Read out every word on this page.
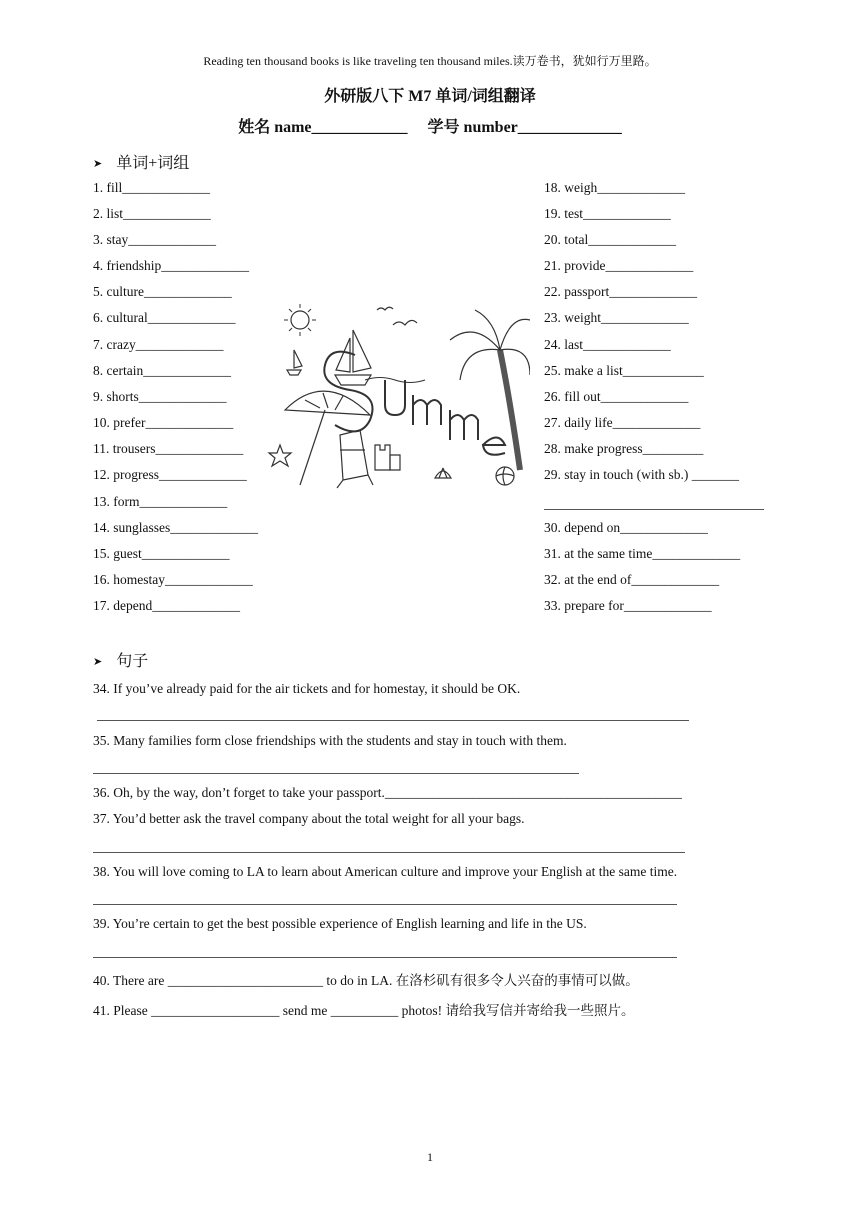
Reading ten thousand books is like traveling ten thousand miles.读万卷书，犹如行万里路。
外研版八下 M7 单词/词组翻译
姓名 name____________ 学号 number_____________
➤ 单词+词组
1. fill_____________
2. list_____________
3. stay_____________
4. friendship_____________
5. culture_____________
6. cultural_____________
7. crazy_____________
8. certain_____________
9. shorts_____________
10. prefer_____________
11. trousers_____________
12. progress_____________
13. form_____________
14. sunglasses_____________
15. guest_____________
16. homestay_____________
17. depend_____________
18. weigh_____________
19. test_____________
20. total_____________
21. provide_____________
22. passport_____________
23. weight_____________
24. last_____________
25. make a list____________
26. fill out_____________
27. daily life_____________
28. make progress_________
29. stay in touch (with sb.) _______
30. depend on_____________
31. at the same time_____________
32. at the end of_____________
33. prepare for_____________
➤ 句子
34. If you’ve already paid for the air tickets and for homestay, it should be OK.
35. Many families form close friendships with the students and stay in touch with them.
36. Oh, by the way, don’t forget to take your passport.____________________________________________
37. You’d better ask the travel company about the total weight for all your bags.
38. You will love coming to LA to learn about American culture and improve your English at the same time.
39. You’re certain to get the best possible experience of English learning and life in the US.
40. There are _______________________ to do in LA. 在洛杉矶有很多令人兴奋的事情可以做。
41. Please ___________________ send me __________ photos! 请给我写信并寄给我一些照片。
1
